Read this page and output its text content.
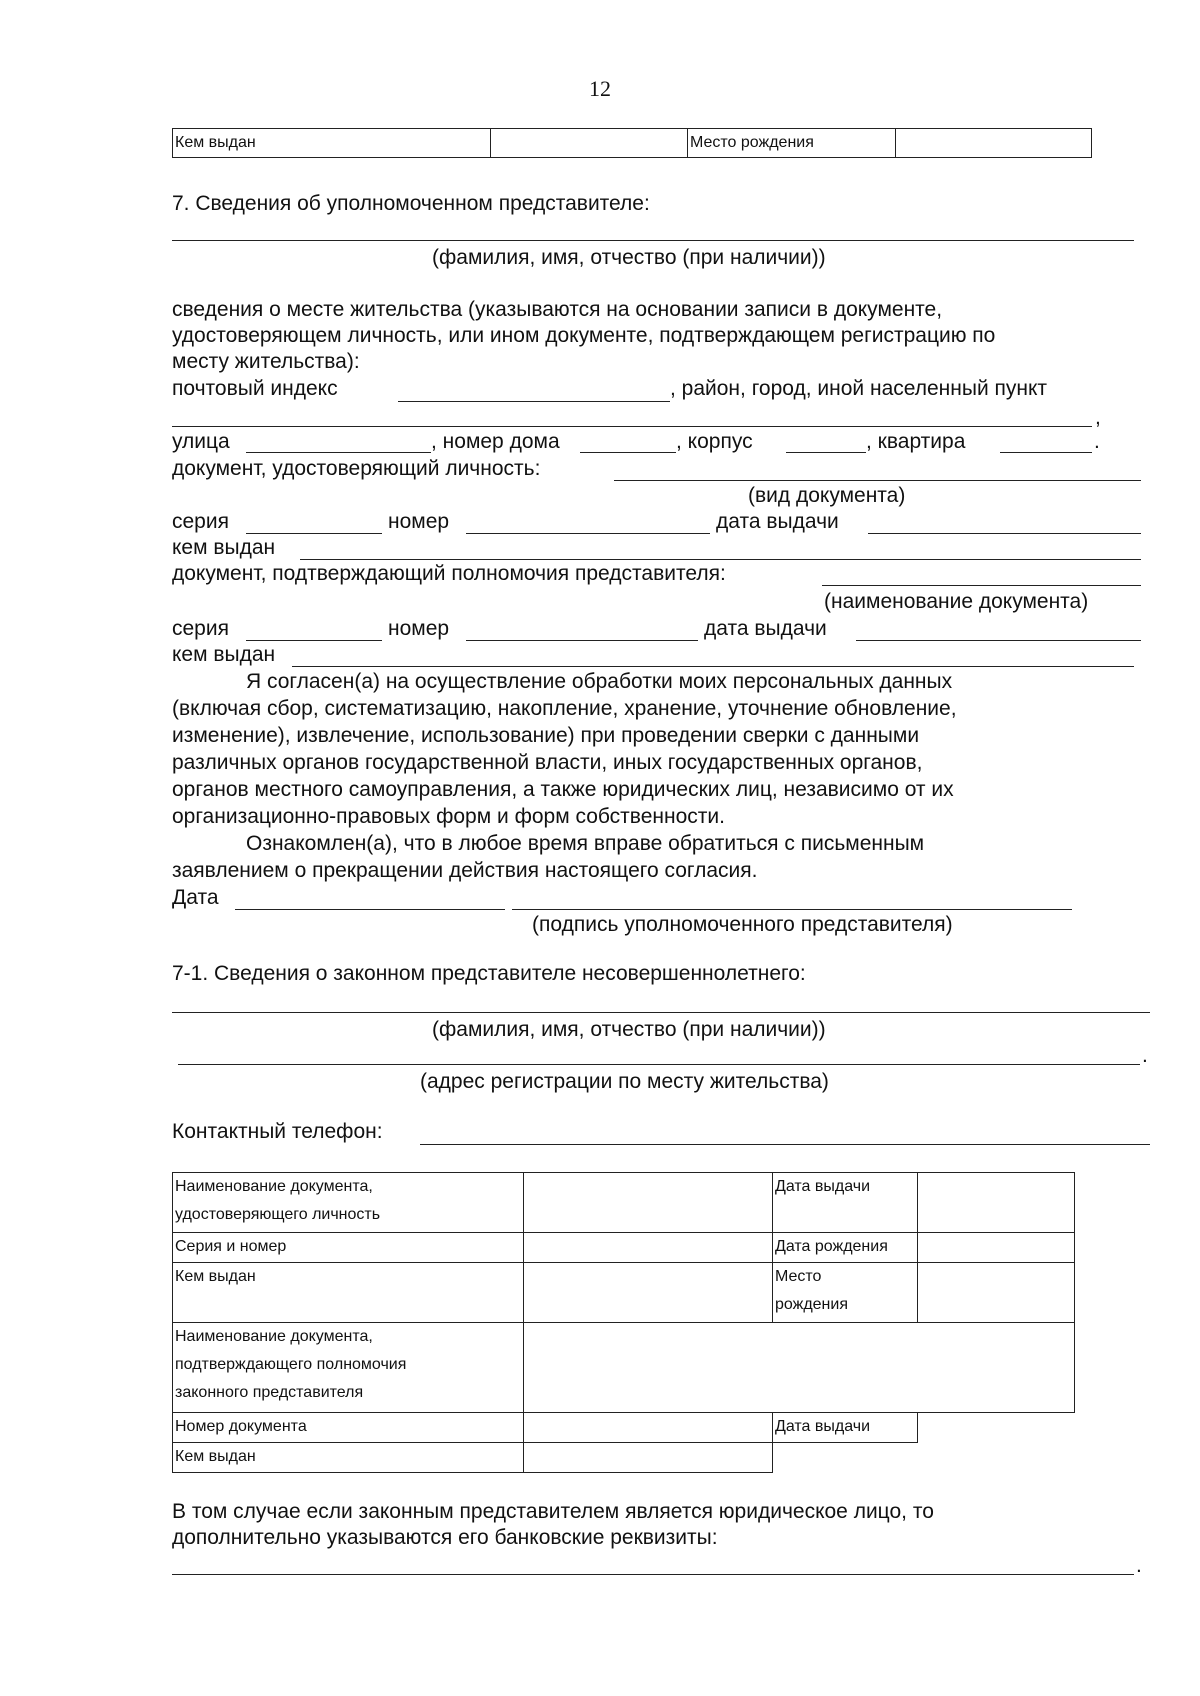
12
Кем выдан		Место рождения	
7. Сведения об уполномоченном представителе:
(фамилия, имя, отчество (при наличии))
сведения о месте жительства (указываются на основании записи в документе,
удостоверяющем личность, или ином документе, подтверждающем регистрацию по
месту жительства):
почтовый индекс	, район, город, иной населенный пункт
,
улица	, номер дома	, корпус	, квартира	.
документ, удостоверяющий личность:
(вид документа)
серия	номер	дата выдачи
кем выдан
документ, подтверждающий полномочия представителя:
(наименование документа)
серия	номер	дата выдачи
кем выдан
Я согласен(а) на осуществление обработки моих персональных данных
(включая сбор, систематизацию, накопление, хранение, уточнение обновление,
изменение), извлечение, использование) при проведении сверки с данными
различных органов государственной власти, иных государственных органов,
органов местного самоуправления, а также юридических лиц, независимо от их
организационно-правовых форм и форм собственности.
Ознакомлен(а), что в любое время вправе обратиться с письменным
заявлением о прекращении действия настоящего согласия.
Дата
(подпись уполномоченного представителя)
7-1. Сведения о законном представителе несовершеннолетнего:
(фамилия, имя, отчество (при наличии))
.
(адрес регистрации по месту жительства)
Контактный телефон:
Наименование документа,
удостоверяющего личность		Дата выдачи	
Серия и номер		Дата рождения	
Кем выдан		Место
рождения	
Наименование документа,
подтверждающего полномочия
законного представителя			
Номер документа		Дата выдачи	
Кем выдан			
В том случае если законным представителем является юридическое лицо, то
дополнительно указываются его банковские реквизиты:
.
